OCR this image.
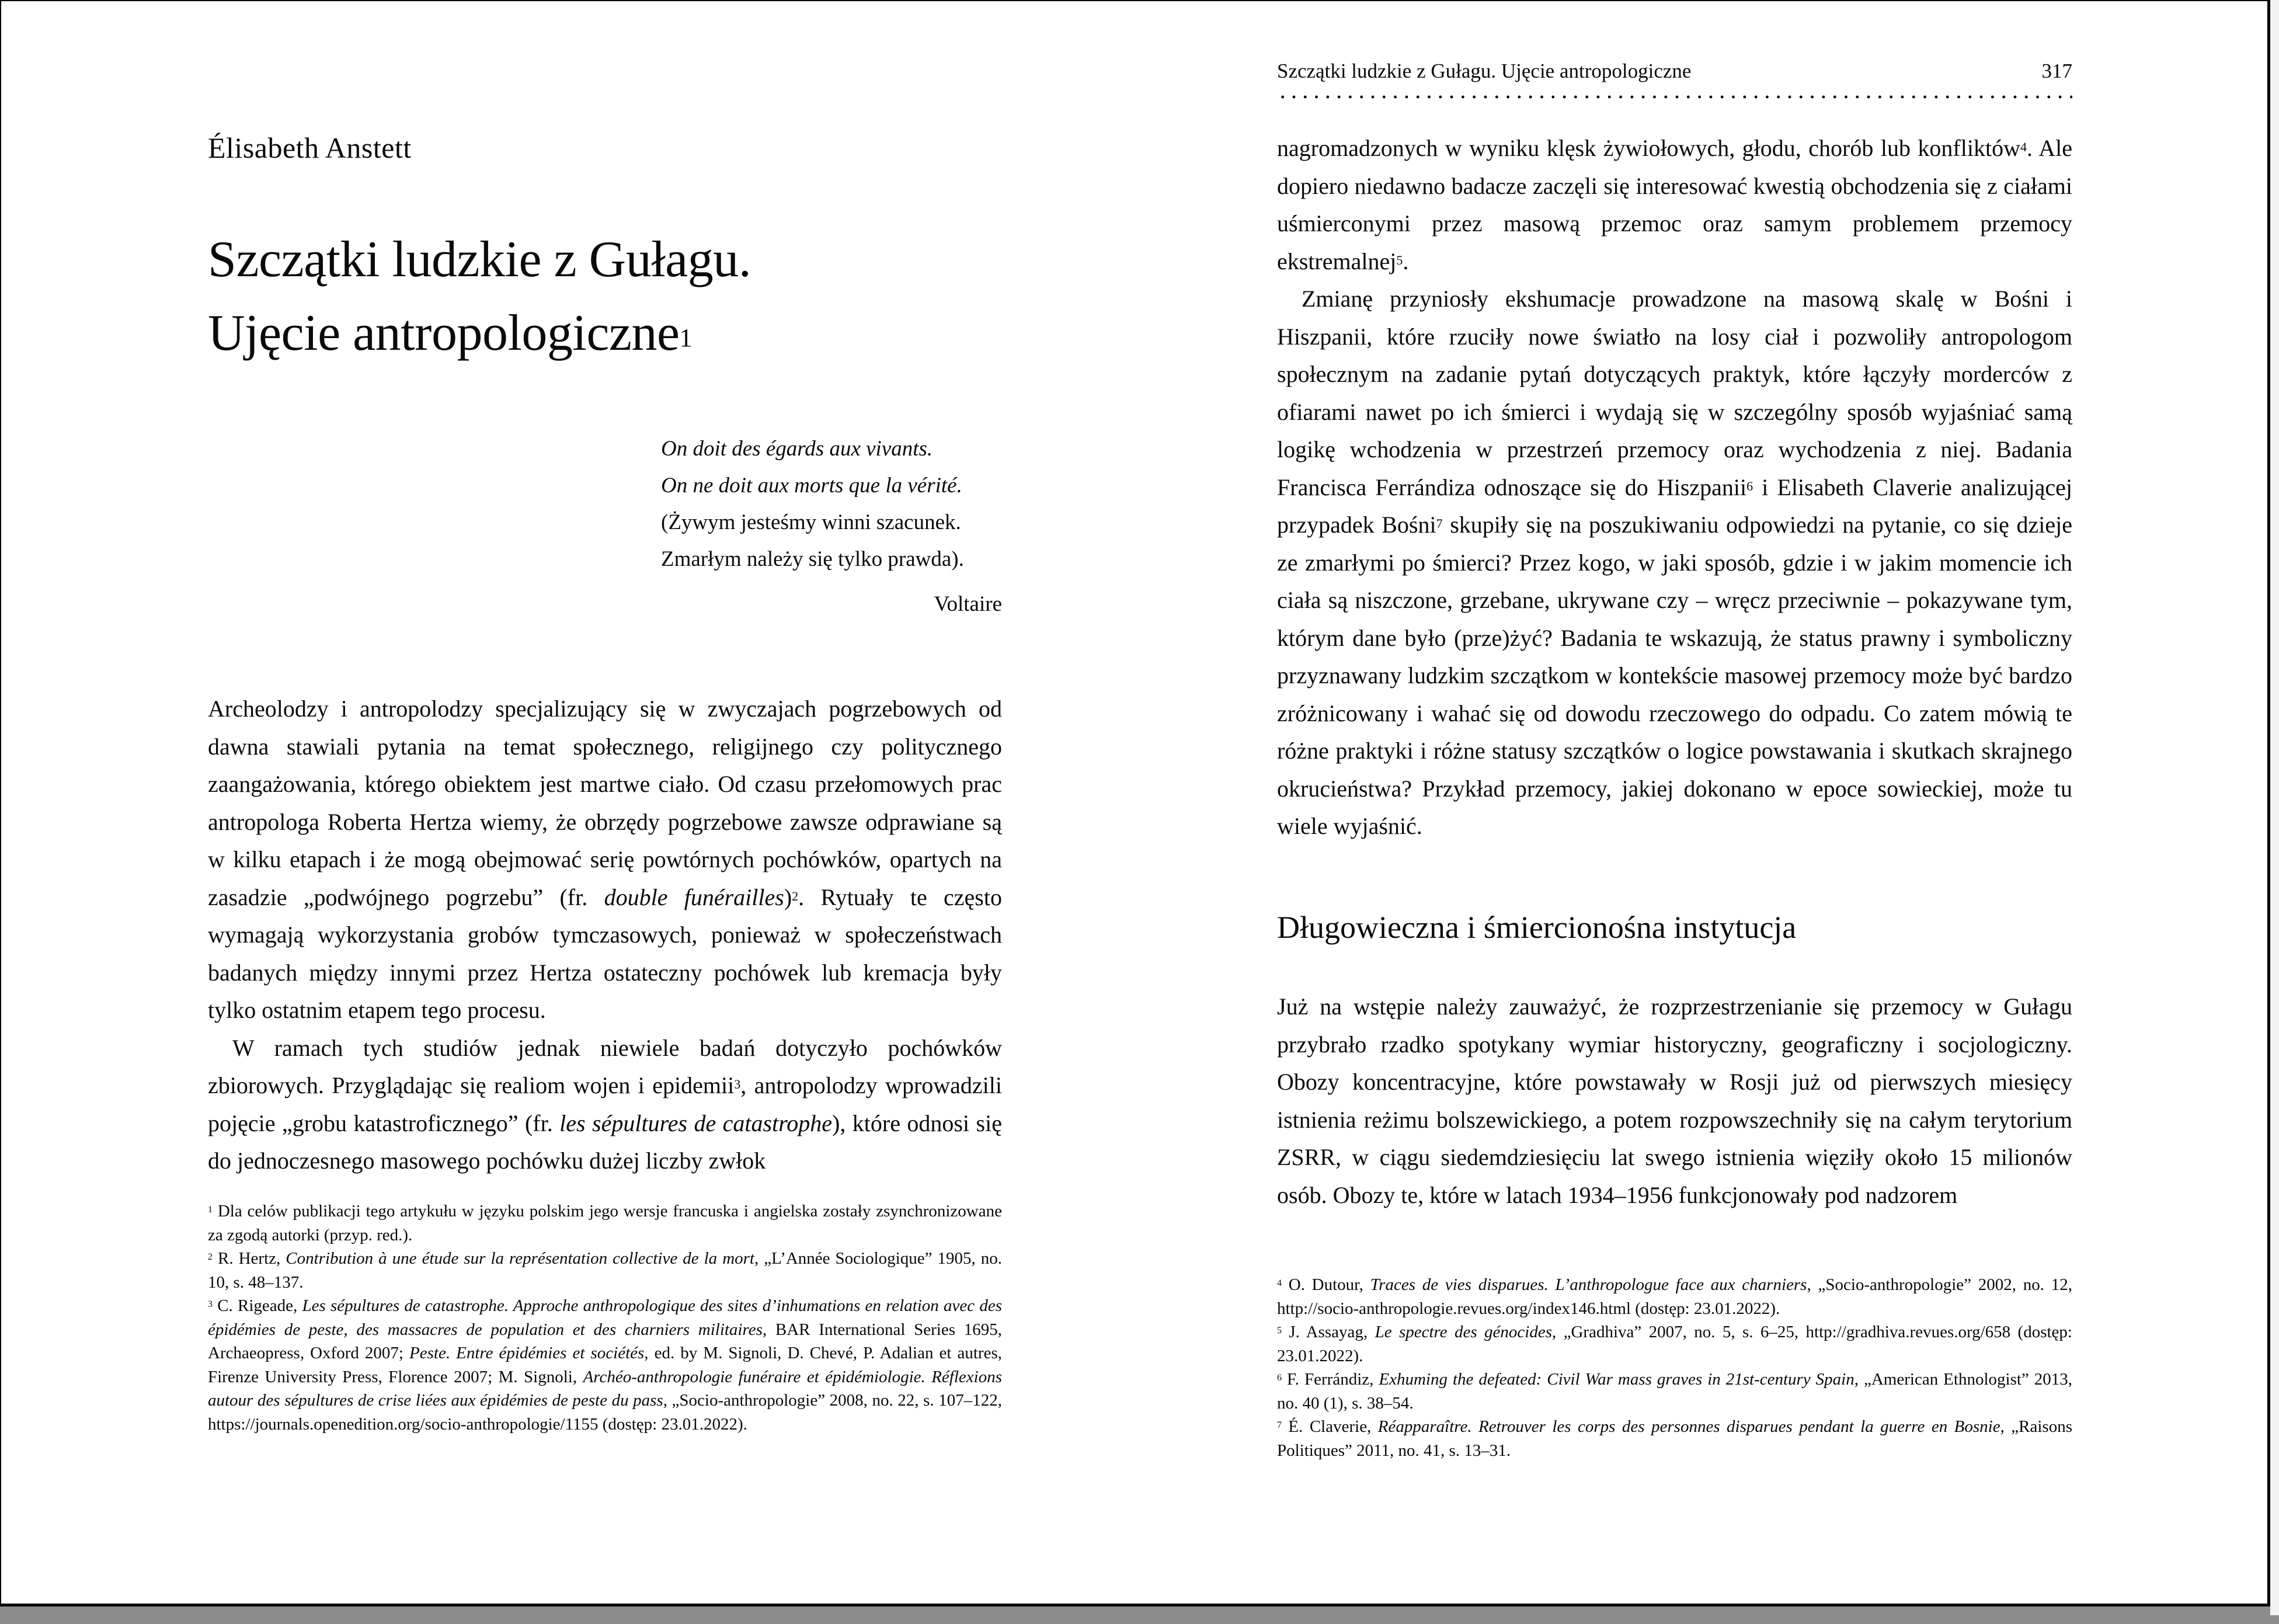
Élisabeth Anstett
Szczątki ludzkie z Gułagu.
Ujęcie antropologiczne$^1$
On doit des égards aux vivants.
On ne doit aux morts que la vérité.
(Żywym jesteśmy winni szacunek.
Zmarłym należy się tylko prawda).
Voltaire

Archeolodzy i antropolodzy specjalizujący się w zwyczajach pogrzebowych od dawna stawiali pytania na temat społecznego, religijnego czy politycznego zaangażowania, którego obiektem jest martwe ciało. Od czasu przełomowych prac antropologa Roberta Hertza wiemy, że obrzędy pogrzebowe zawsze odprawiane są w kilku etapach i że mogą obejmować serię powtórnych pochówków, opartych na zasadzie „podwójnego pogrzebu” (fr. double funérailles)$^2$. Rytuały te często wymagają wykorzystania grobów tymczasowych, ponieważ w społeczeństwach badanych między innymi przez Hertza ostateczny pochówek lub kremacja były tylko ostatnim etapem tego procesu.

W ramach tych studiów jednak niewiele badań dotyczyło pochówków zbiorowych. Przyglądając się realiom wojen i epidemii$^3$, antropolodzy wprowadzili pojęcie „grobu katastroficznego” (fr. les sépultures de catastrophe), które odnosi się do jednoczesnego masowego pochówku dużej liczby zwłok

$^1$ Dla celów publikacji tego artykułu w języku polskim jego wersje francuska i angielska zostały zsynchronizowane za zgodą autorki (przyp. red.).

$^2$ R. Hertz, Contribution à une étude sur la représentation collective de la mort, „L’Année Sociologique” 1905, no. 10, s. 48–137.

$^3$ C. Rigeade, Les sépultures de catastrophe. Approche anthropologique des sites d’inhumations en relation avec des épidémies de peste, des massacres de population et des charniers militaires, BAR International Series 1695, Archaeopress, Oxford 2007; Peste. Entre épidémies et sociétés, ed. by M. Signoli, D. Chevé, P. Adalian et autres, Firenze University Press, Florence 2007; M. Signoli, Archéo-anthropologie funéraire et épidémiologie. Réflexions autour des sépultures de crise liées aux épidémies de peste du pass, „Socio-anthropologie” 2008, no. 22, s. 107–122, https://journals.openedition.org/socio-anthropologie/1155 (dostęp: 23.01.2022).

Szczątki ludzkie z Gułagu. Ujęcie antropologiczne	317

nagromadzonych w wyniku klęsk żywiołowych, głodu, chorób lub konfliktów$^4$. Ale dopiero niedawno badacze zaczęli się interesować kwestią obchodzenia się z ciałami uśmierconymi przez masową przemoc oraz samym problemem przemocy ekstremalnej$^5$.

Zmianę przyniosły ekshumacje prowadzone na masową skalę w Bośni i Hiszpanii, które rzuciły nowe światło na losy ciał i pozwoliły antropologom społecznym na zadanie pytań dotyczących praktyk, które łączyły morderców z ofiarami nawet po ich śmierci i wydają się w szczególny sposób wyjaśniać samą logikę wchodzenia w przestrzeń przemocy oraz wychodzenia z niej. Badania Francisca Ferrándiza odnoszące się do Hiszpanii$^6$ i Elisabeth Claverie analizującej przypadek Bośni$^7$ skupiły się na poszukiwaniu odpowiedzi na pytanie, co się dzieje ze zmarłymi po śmierci? Przez kogo, w jaki sposób, gdzie i w jakim momencie ich ciała są niszczone, grzebane, ukrywane czy – wręcz przeciwnie – pokazywane tym, którym dane było (prze)żyć? Badania te wskazują, że status prawny i symboliczny przyznawany ludzkim szczątkom w kontekście masowej przemocy może być bardzo zróżnicowany i wahać się od dowodu rzeczowego do odpadu. Co zatem mówią te różne praktyki i różne statusy szczątków o logice powstawania i skutkach skrajnego okrucieństwa? Przykład przemocy, jakiej dokonano w epoce sowieckiej, może tu wiele wyjaśnić.

Długowieczna i śmiercionośna instytucja

Już na wstępie należy zauważyć, że rozprzestrzenianie się przemocy w Gułagu przybrało rzadko spotykany wymiar historyczny, geograficzny i socjologiczny. Obozy koncentracyjne, które powstawały w Rosji już od pierwszych miesięcy istnienia reżimu bolszewickiego, a potem rozpowszechniły się na całym terytorium ZSRR, w ciągu siedemdziesięciu lat swego istnienia więziły około 15 milionów osób. Obozy te, które w latach 1934–1956 funkcjonowały pod nadzorem

$^4$ O. Dutour, Traces de vies disparues. L’anthropologue face aux charniers, „Socio-anthropologie” 2002, no. 12, http://socio-anthropologie.revues.org/index146.html (dostęp: 23.01.2022).

$^5$ J. Assayag, Le spectre des génocides, „Gradhiva” 2007, no. 5, s. 6–25, http://gradhiva.revues.org/658 (dostęp: 23.01.2022).

$^6$ F. Ferrándiz, Exhuming the defeated: Civil War mass graves in 21st-century Spain, „American Ethnologist” 2013, no. 40 (1), s. 38–54.

$^7$ É. Claverie, Réapparaître. Retrouver les corps des personnes disparues pendant la guerre en Bosnie, „Raisons Politiques” 2011, no. 41, s. 13–31.
